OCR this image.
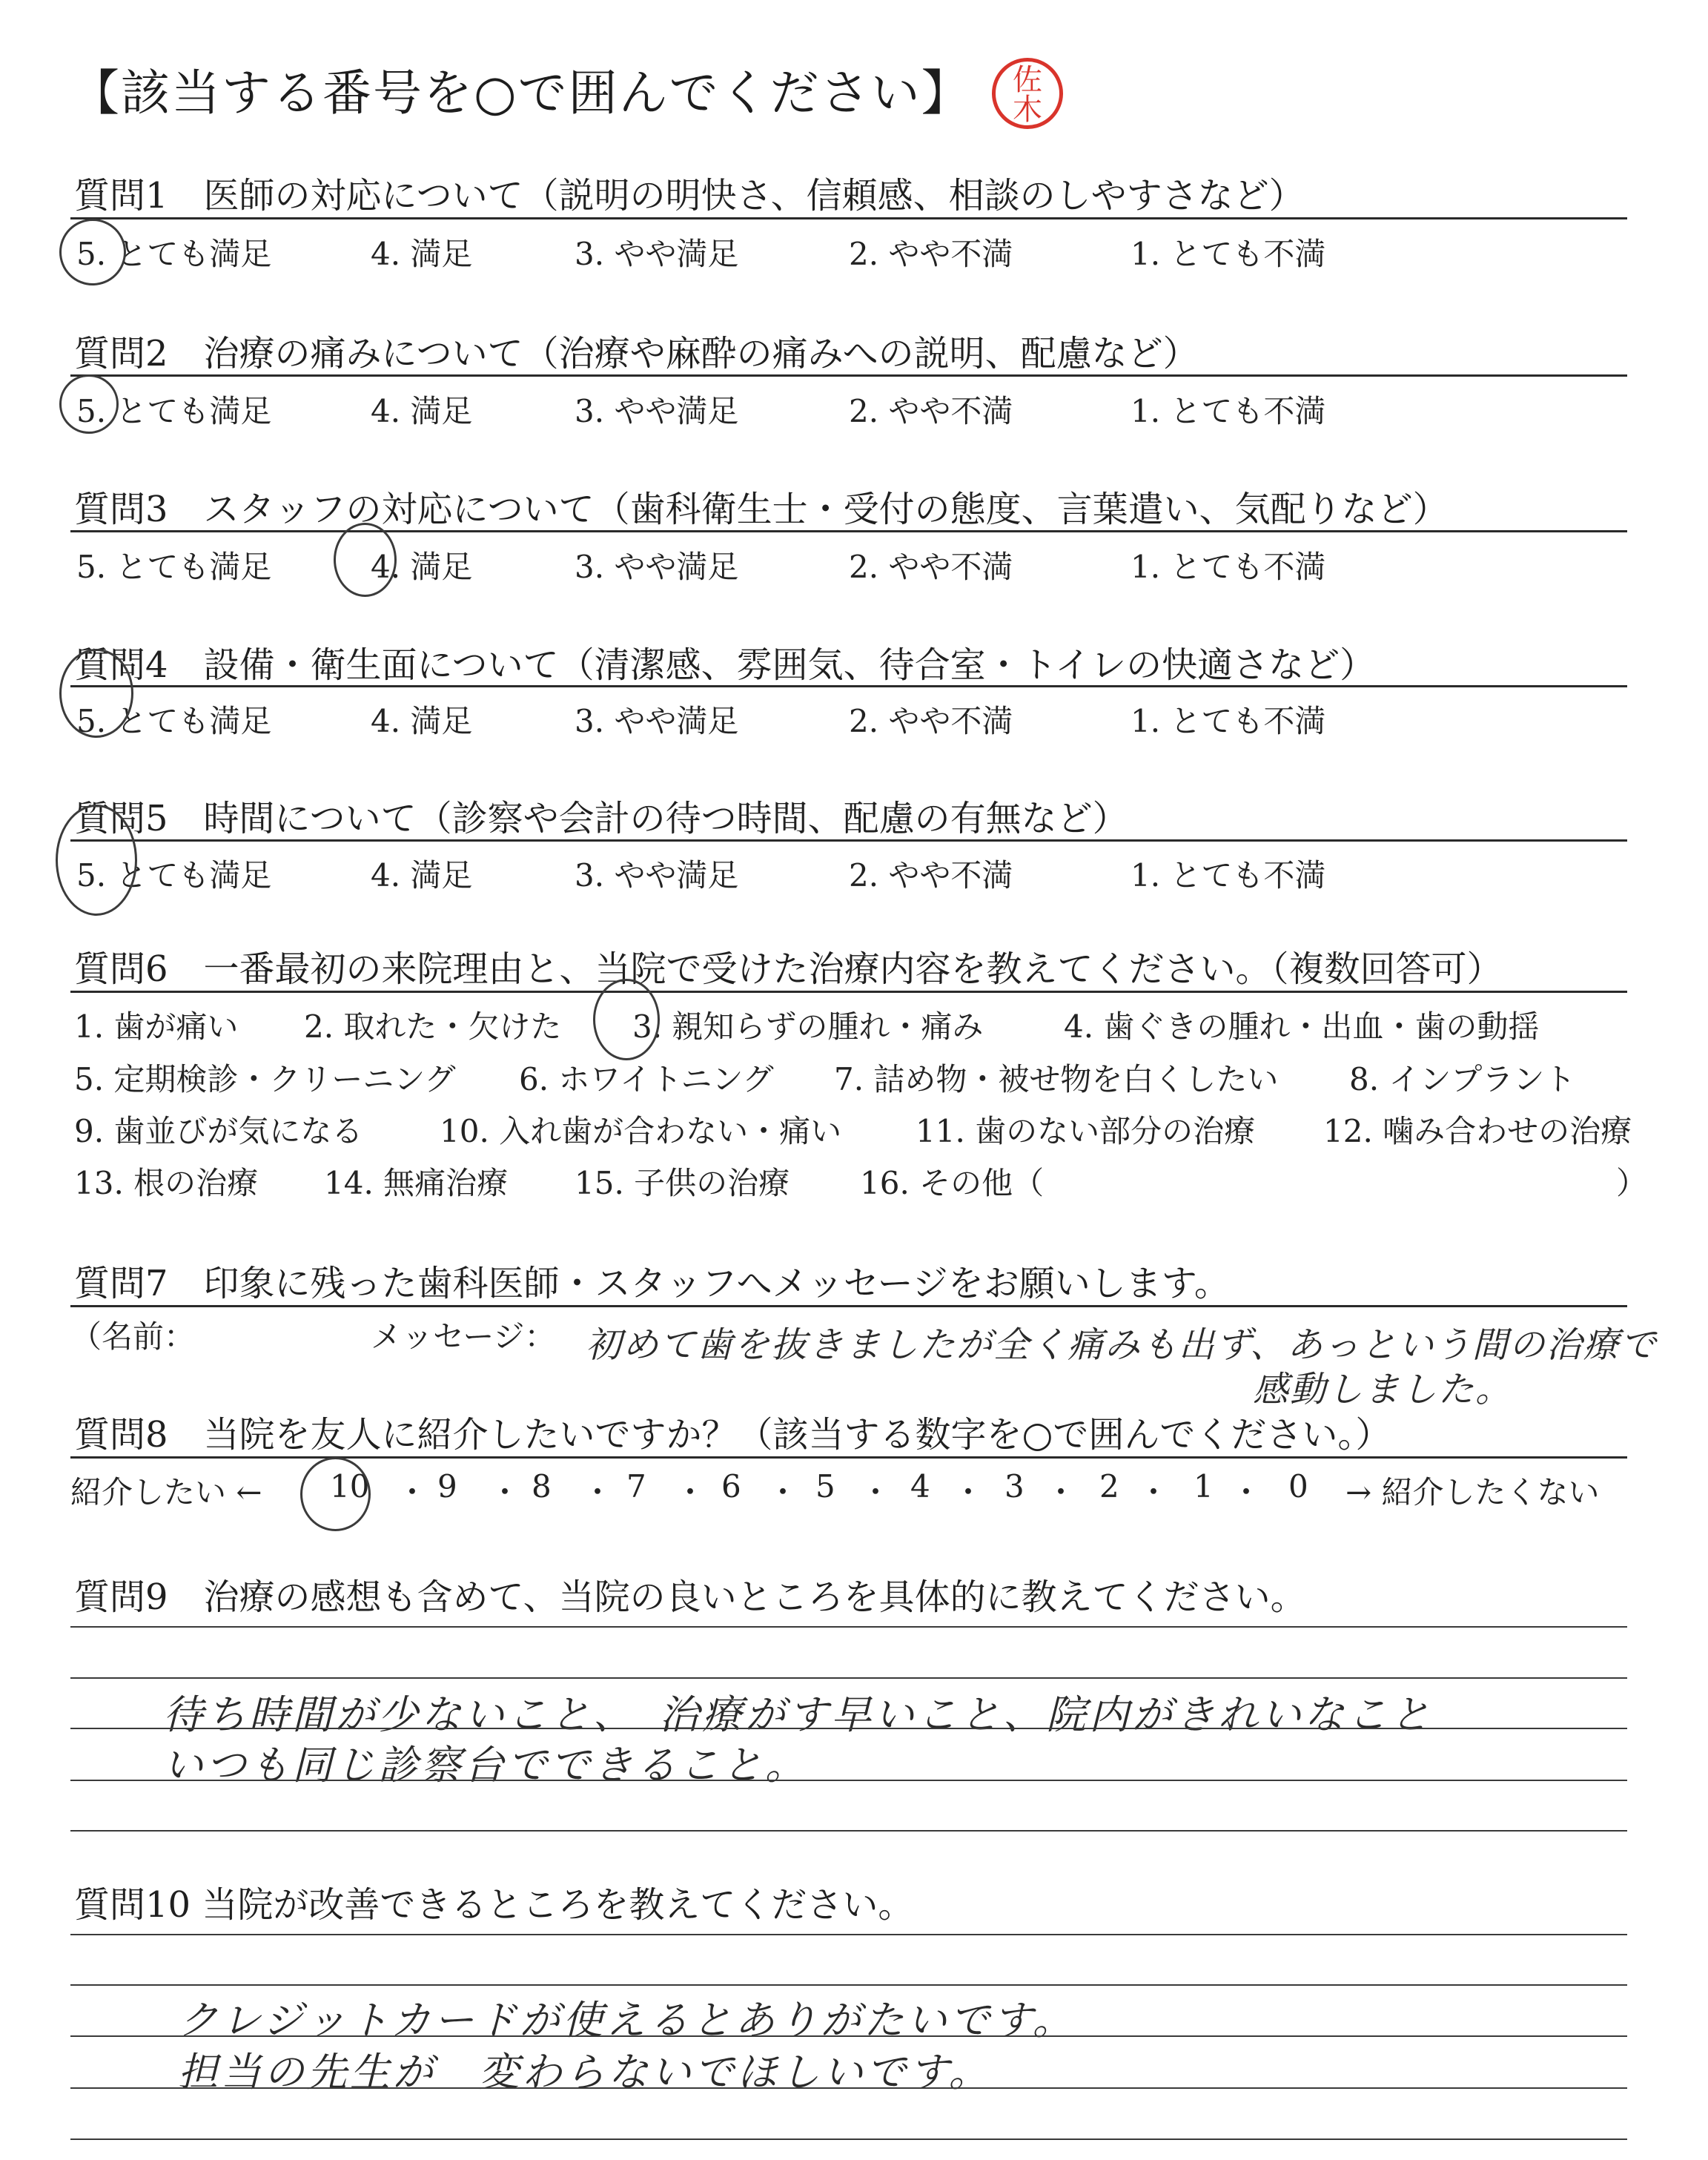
【該当する番号を○で囲んでください】	佐
木
質問1　医師の対応について（説明の明快さ、信頼感、相談のしやすさなど）
5. とても満足	4. 満足	3. やや満足	2. やや不満	1. とても不満
質問2　治療の痛みについて（治療や麻酔の痛みへの説明、配慮など）
5. とても満足	4. 満足	3. やや満足	2. やや不満	1. とても不満
質問3　スタッフの対応について（歯科衛生士・受付の態度、言葉遣い、気配りなど）
5. とても満足	4. 満足	3. やや満足	2. やや不満	1. とても不満
質問4　設備・衛生面について（清潔感、雰囲気、待合室・トイレの快適さなど）
5. とても満足	4. 満足	3. やや満足	2. やや不満	1. とても不満
質問5　時間について（診察や会計の待つ時間、配慮の有無など）
5. とても満足	4. 満足	3. やや満足	2. やや不満	1. とても不満
質問6　一番最初の来院理由と、当院で受けた治療内容を教えてください。（複数回答可）
1. 歯が痛い 2. 取れた・欠けた 3. 親知らずの腫れ・痛み	4. 歯ぐきの腫れ・出血・歯の動揺
5. 定期検診・クリーニング 6. ホワイトニング 7. 詰め物・被せ物を白くしたい 8. インプラント
9. 歯並びが気になる 10. 入れ歯が合わない・痛い 11. 歯のない部分の治療 12. 噛み合わせの治療
13. 根の治療 14. 無痛治療 15. 子供の治療 16. その他（	）
質問7　印象に残った歯科医師・スタッフへメッセージをお願いします。
（名前：	メッセージ： 初めて歯を抜きましたが全く痛みも出ず、あっという間の治療で
感動しました。
質問8　当院を友人に紹介したいですか？（該当する数字を○で囲んでください。）
紹介したい ← 10 ・ 9 ・ 8 ・ 7 ・ 6 ・ 5 ・ 4 ・ 3 ・ 2 ・ 1 ・ 0 → 紹介したくない
質問9　治療の感想も含めて、当院の良いところを具体的に教えてください。
待ち時間が少ないこと、　治療がす早いこと、院内がきれいなこと
いつも同じ診察台でできること。
質問10 当院が改善できるところを教えてください。
クレジットカードが使えるとありがたいです。
担当の先生が　変わらないでほしいです。
